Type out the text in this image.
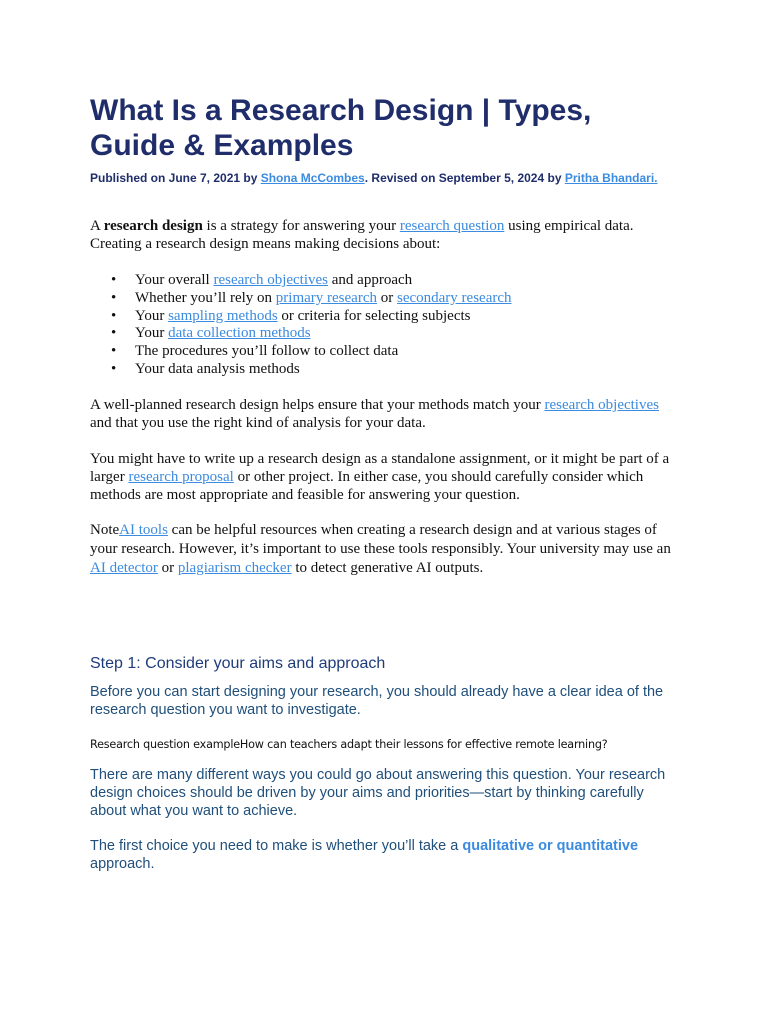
What Is a Research Design | Types, Guide & Examples
Published on June 7, 2021 by Shona McCombes. Revised on September 5, 2024 by Pritha Bhandari.

A research design is a strategy for answering your research question using empirical data. Creating a research design means making decisions about:

• Your overall research objectives and approach
• Whether you’ll rely on primary research or secondary research
• Your sampling methods or criteria for selecting subjects
• Your data collection methods
• The procedures you’ll follow to collect data
• Your data analysis methods

A well-planned research design helps ensure that your methods match your research objectives and that you use the right kind of analysis for your data.

You might have to write up a research design as a standalone assignment, or it might be part of a larger research proposal or other project. In either case, you should carefully consider which methods are most appropriate and feasible for answering your question.

NoteAI tools can be helpful resources when creating a research design and at various stages of your research. However, it’s important to use these tools responsibly. Your university may use an AI detector or plagiarism checker to detect generative AI outputs.

Step 1: Consider your aims and approach

Before you can start designing your research, you should already have a clear idea of the research question you want to investigate.

Research question exampleHow can teachers adapt their lessons for effective remote learning?

There are many different ways you could go about answering this question. Your research design choices should be driven by your aims and priorities—start by thinking carefully about what you want to achieve.

The first choice you need to make is whether you’ll take a qualitative or quantitative approach.
